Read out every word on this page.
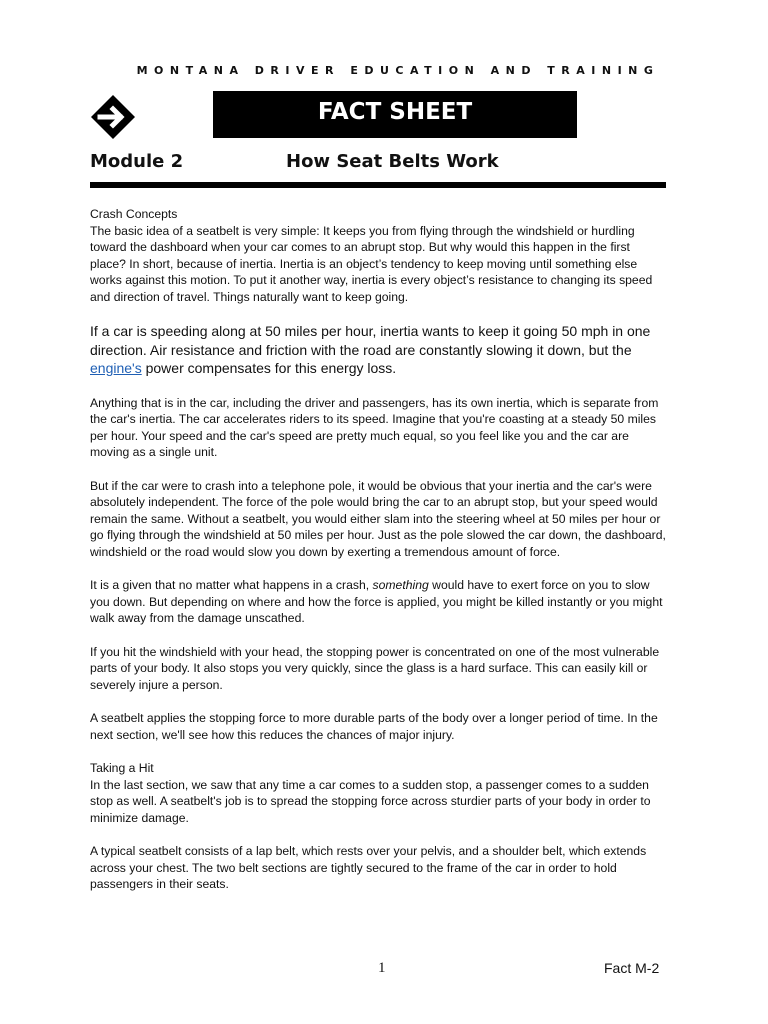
MONTANA DRIVER EDUCATION AND TRAINING
FACT SHEET
Module 2	How Seat Belts Work

Crash Concepts
The basic idea of a seatbelt is very simple: It keeps you from flying through the windshield or hurdling toward the dashboard when your car comes to an abrupt stop. But why would this happen in the first place? In short, because of inertia. Inertia is an object’s tendency to keep moving until something else works against this motion. To put it another way, inertia is every object’s resistance to changing its speed and direction of travel. Things naturally want to keep going.

If a car is speeding along at 50 miles per hour, inertia wants to keep it going 50 mph in one direction. Air resistance and friction with the road are constantly slowing it down, but the engine's power compensates for this energy loss.

Anything that is in the car, including the driver and passengers, has its own inertia, which is separate from the car's inertia. The car accelerates riders to its speed. Imagine that you're coasting at a steady 50 miles per hour. Your speed and the car's speed are pretty much equal, so you feel like you and the car are moving as a single unit.

But if the car were to crash into a telephone pole, it would be obvious that your inertia and the car's were absolutely independent. The force of the pole would bring the car to an abrupt stop, but your speed would remain the same. Without a seatbelt, you would either slam into the steering wheel at 50 miles per hour or go flying through the windshield at 50 miles per hour. Just as the pole slowed the car down, the dashboard, windshield or the road would slow you down by exerting a tremendous amount of force.

It is a given that no matter what happens in a crash, something would have to exert force on you to slow you down. But depending on where and how the force is applied, you might be killed instantly or you might walk away from the damage unscathed.

If you hit the windshield with your head, the stopping power is concentrated on one of the most vulnerable parts of your body. It also stops you very quickly, since the glass is a hard surface. This can easily kill or severely injure a person.

A seatbelt applies the stopping force to more durable parts of the body over a longer period of time. In the next section, we'll see how this reduces the chances of major injury.

Taking a Hit
In the last section, we saw that any time a car comes to a sudden stop, a passenger comes to a sudden stop as well. A seatbelt's job is to spread the stopping force across sturdier parts of your body in order to minimize damage.

A typical seatbelt consists of a lap belt, which rests over your pelvis, and a shoulder belt, which extends across your chest. The two belt sections are tightly secured to the frame of the car in order to hold passengers in their seats.

1	Fact M-2
